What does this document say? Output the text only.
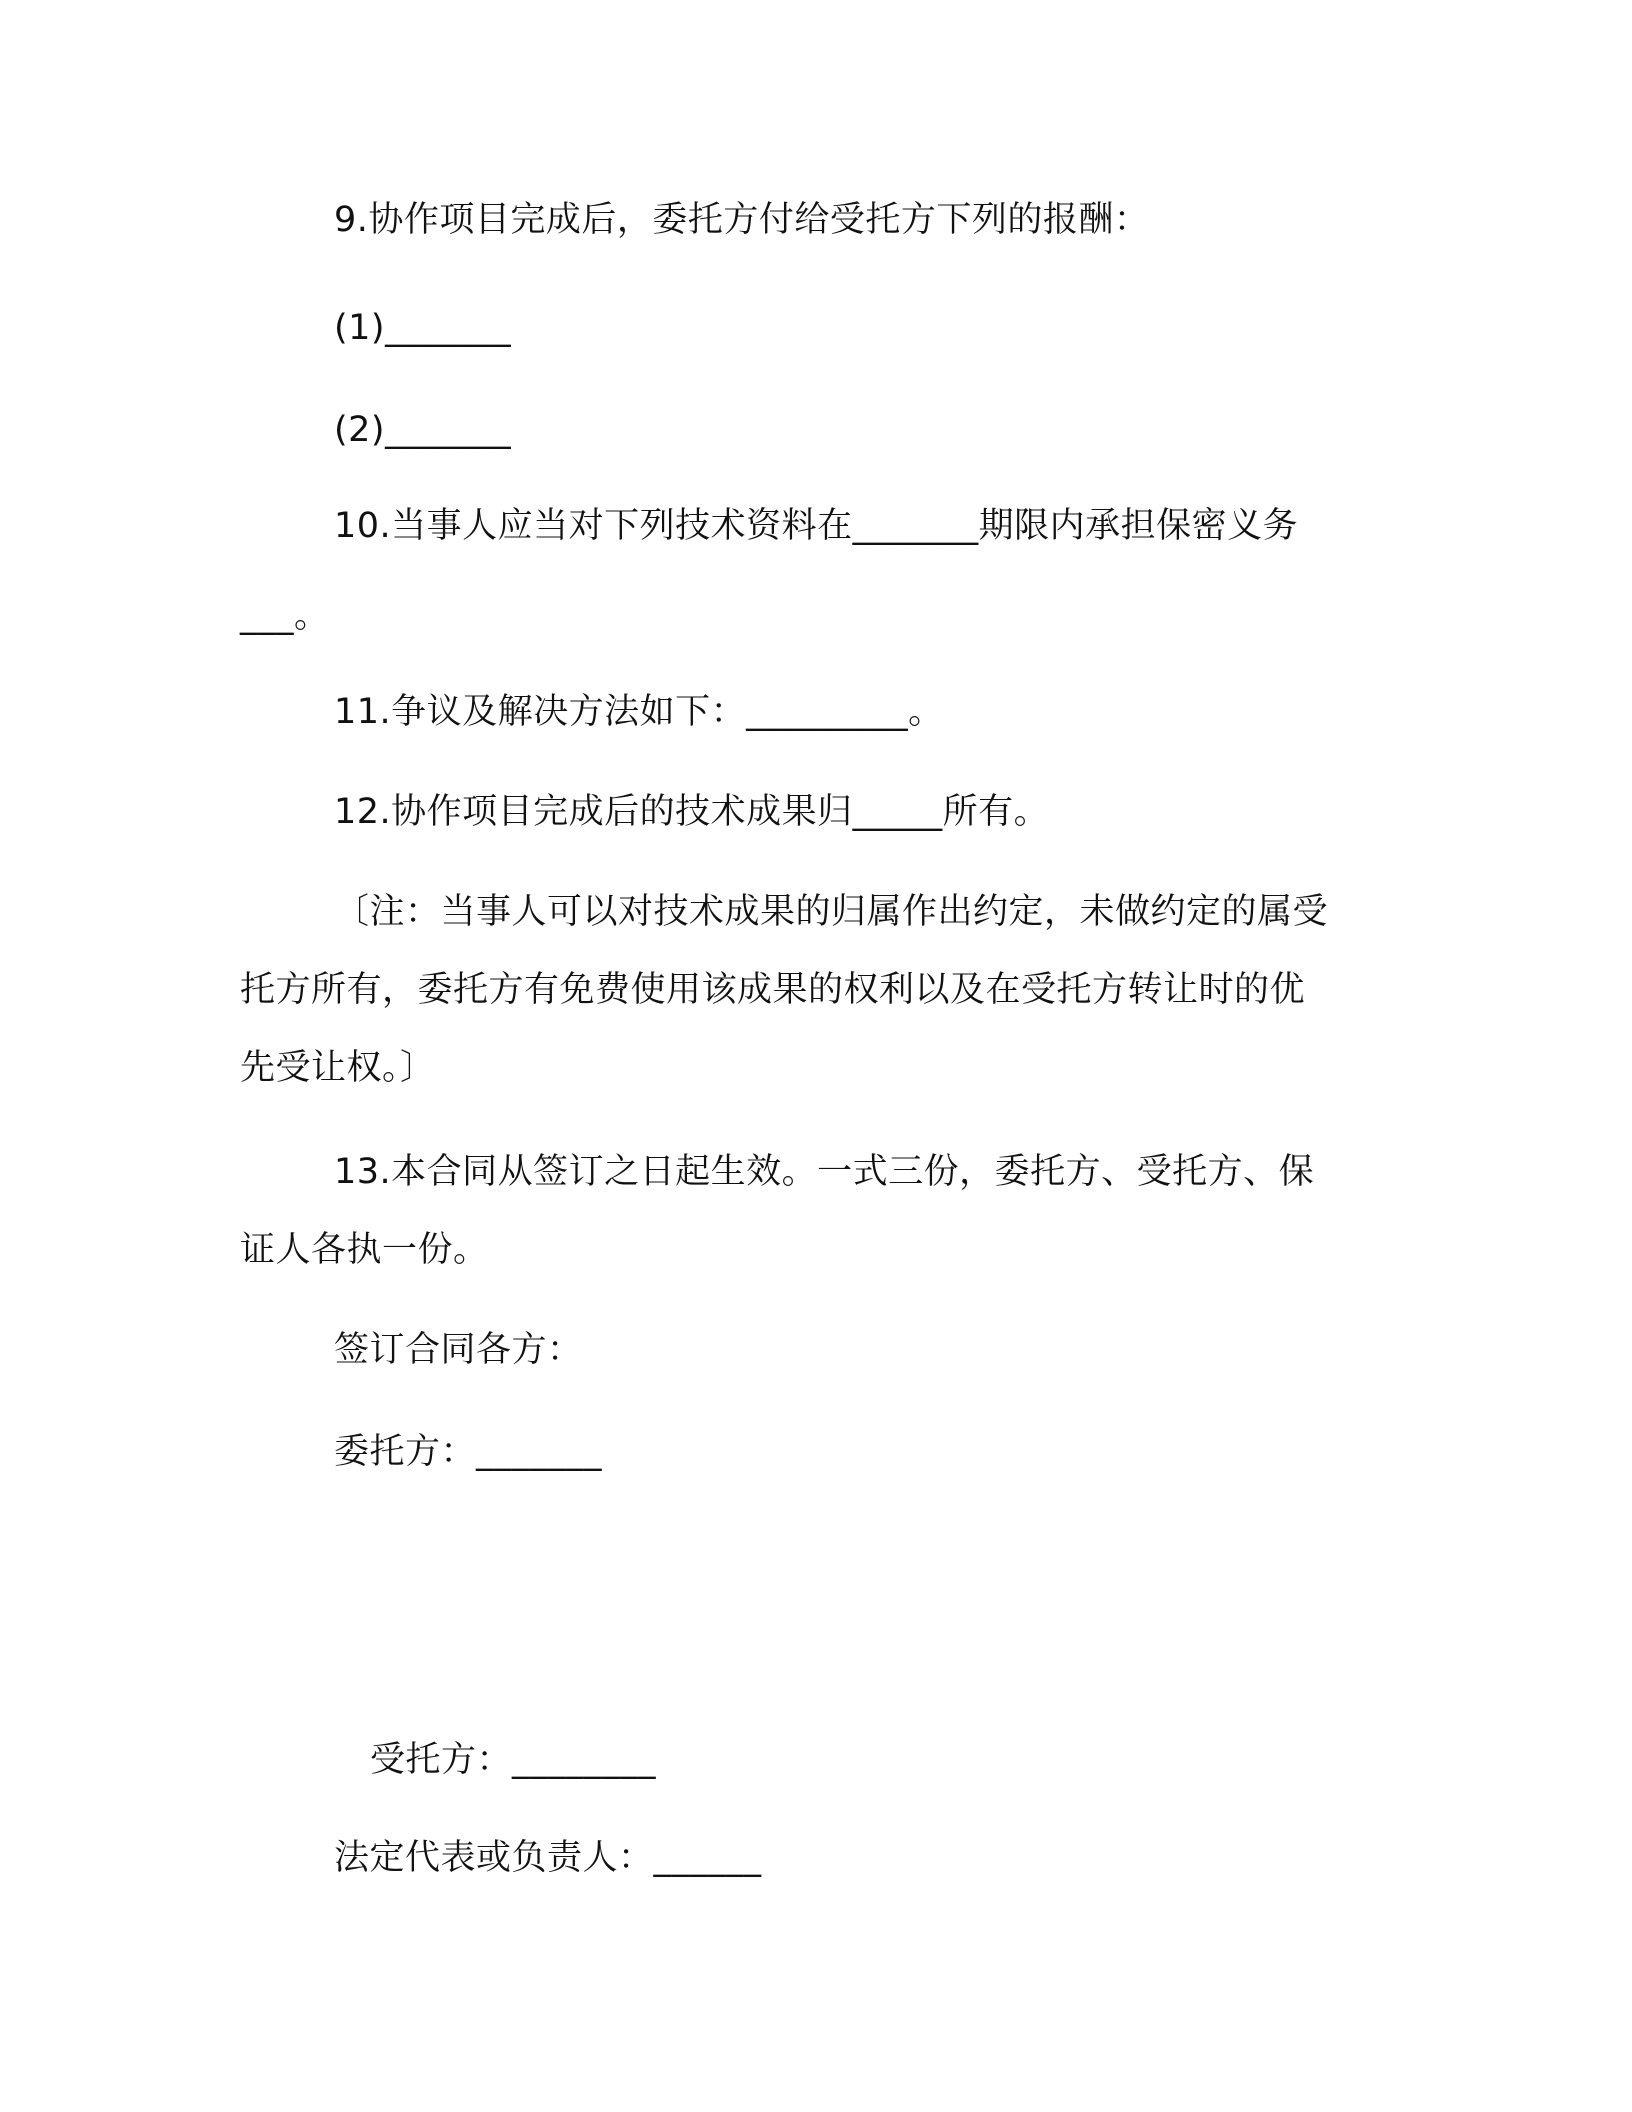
9.协作项目完成后，委托方付给受托方下列的报酬：
(1)_______
(2)_______
10.当事人应当对下列技术资料在_______期限内承担保密义务
___。
11.争议及解决方法如下：_________。
12.协作项目完成后的技术成果归_____所有。
〔注：当事人可以对技术成果的归属作出约定，未做约定的属受
托方所有，委托方有免费使用该成果的权利以及在受托方转让时的优
先受让权。〕
13.本合同从签订之日起生效。一式三份，委托方、受托方、保
证人各执一份。
签订合同各方：
委托方：_______
受托方：________
法定代表或负责人：______
